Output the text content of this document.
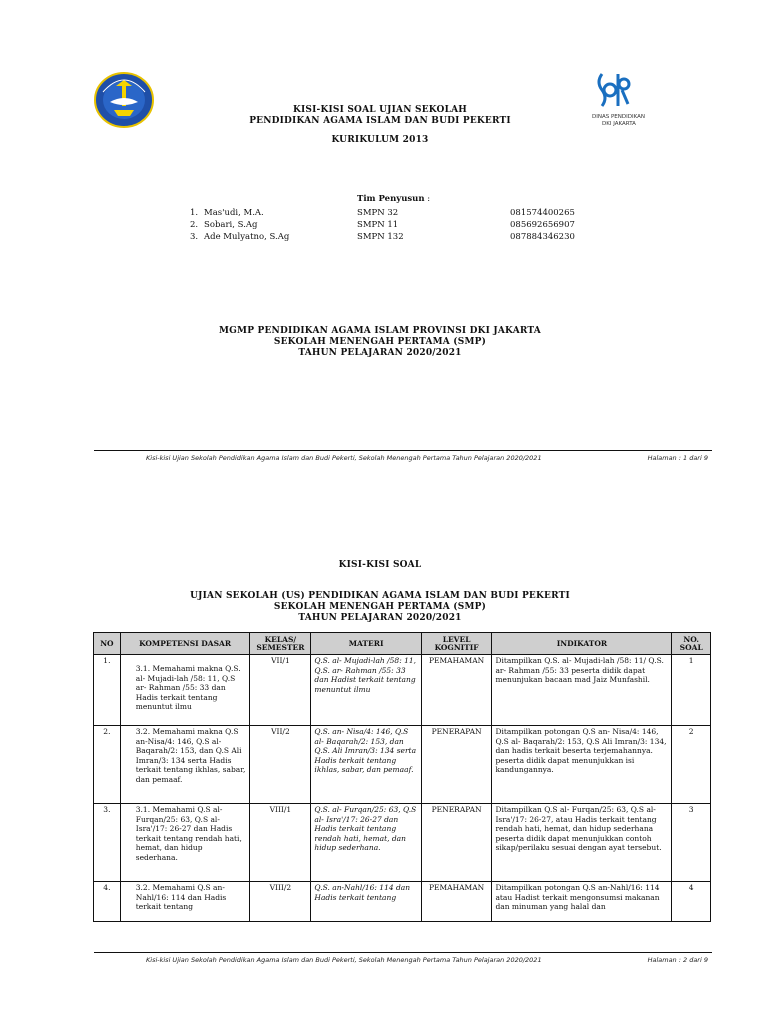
DINAS PENDIDIKAN
DKI JAKARTA
KISI-KISI SOAL UJIAN SEKOLAH
PENDIDIKAN AGAMA ISLAM DAN BUDI PEKERTI
KURIKULUM 2013
Tim Penyusun :
1. Mas'udi, M.A.	SMPN 32	081574400265
2. Sobari, S.Ag	SMPN 11	085692656907
3. Ade Mulyatno, S.Ag	SMPN 132	087884346230
MGMP PENDIDIKAN AGAMA ISLAM PROVINSI DKI JAKARTA
SEKOLAH MENENGAH PERTAMA (SMP)
TAHUN PELAJARAN 2020/2021
Kisi-kisi Ujian Sekolah Pendidikan Agama Islam dan Budi Pekerti, Sekolah Menengah Pertama Tahun Pelajaran 2020/2021	Halaman : 1 dari 9
KISI-KISI SOAL
UJIAN SEKOLAH (US) PENDIDIKAN AGAMA ISLAM DAN BUDI PEKERTI
SEKOLAH MENENGAH PERTAMA (SMP)
TAHUN PELAJARAN 2020/2021
NO	KOMPETENSI DASAR	KELAS/ SEMESTER	MATERI	LEVEL KOGNITIF	INDIKATOR	NO. SOAL
1.	3.1. Memahami makna Q.S. al- Mujadi-lah /58: 11, Q.S ar- Rahman /55: 33 dan Hadis terkait tentang menuntut ilmu	VII/1	Q.S. al- Mujadi-lah /58: 11, Q.S. ar- Rahman /55: 33 dan Hadist terkait tentang menuntut ilmu	PEMAHAMAN	Ditampilkan Q.S. al- Mujadi-lah /58: 11/ Q.S. ar- Rahman /55: 33 peserta didik dapat menunjukan bacaan mad Jaiz Munfashil.	1
2.	3.2. Memahami makna Q.S an-Nisa/4: 146, Q.S al-Baqarah/2: 153, dan Q.S Ali Imran/3: 134 serta Hadis terkait tentang ikhlas, sabar, dan pemaaf.	VII/2	Q.S. an- Nisa/4: 146, Q.S al- Baqarah/2: 153, dan Q.S. Ali Imran/3: 134 serta Hadis terkait tentang ikhlas, sabar, dan pemaaf.	PENERAPAN	Ditampilkan potongan Q.S an- Nisa/4: 146, Q.S al- Baqarah/2: 153, Q.S Ali Imran/3: 134, dan hadis terkait beserta terjemahannya. peserta didik dapat menunjukkan isi kandungannya.	2
3.	3.1. Memahami Q.S al- Furqan/25: 63, Q.S al- Isra'/17: 26-27 dan Hadis terkait tentang rendah hati, hemat, dan hidup sederhana.	VIII/1	Q.S. al- Furqan/25: 63, Q.S al- Isra'/17: 26-27 dan Hadis terkait tentang rendah hati, hemat, dan hidup sederhana.	PENERAPAN	Ditampilkan Q.S al- Furqan/25: 63, Q.S al- Isra'/17: 26-27, atau Hadis terkait tentang rendah hati, hemat, dan hidup sederhana peserta didik dapat menunjukkan contoh sikap/perilaku sesuai dengan ayat tersebut.	3
4.	3.2. Memahami Q.S an- Nahl/16: 114 dan Hadis terkait tentang	VIII/2	Q.S. an-Nahl/16: 114 dan Hadis terkait tentang	PEMAHAMAN	Ditampilkan potongan Q.S an-Nahl/16: 114 atau Hadist terkait mengonsumsi makanan dan minuman yang halal dan	4
Kisi-kisi Ujian Sekolah Pendidikan Agama Islam dan Budi Pekerti, Sekolah Menengah Pertama Tahun Pelajaran 2020/2021	Halaman : 2 dari 9
